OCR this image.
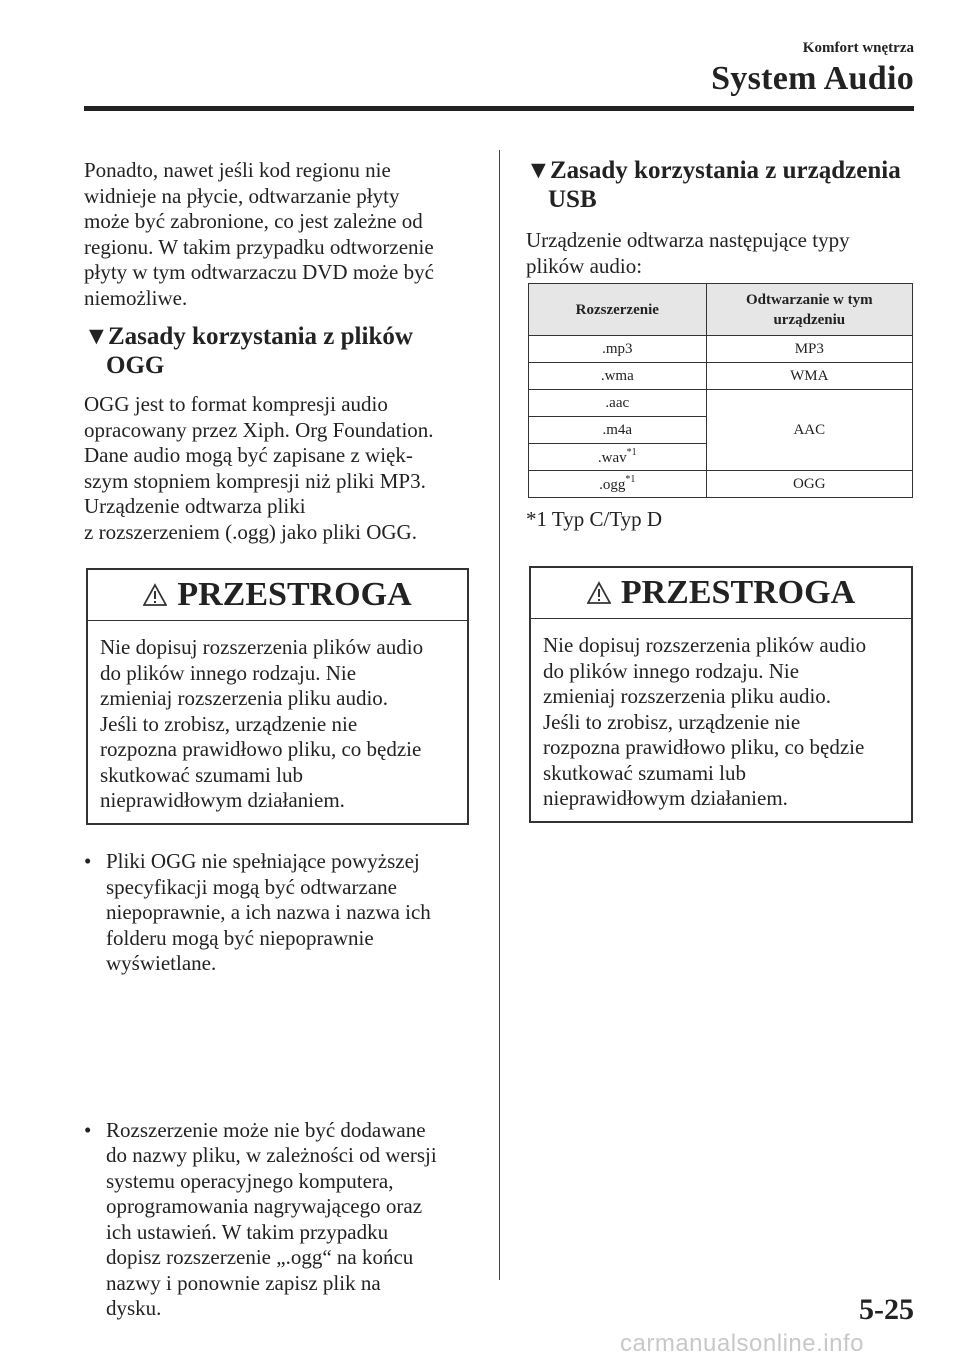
Komfort wnętrza
System Audio
Ponadto, nawet jeśli kod regionu nie
widnieje na płycie, odtwarzanie płyty
może być zabronione, co jest zależne od
regionu. W takim przypadku odtworzenie
płyty w tym odtwarzaczu DVD może być
niemożliwe.
▼Zasady korzystania z plików
OGG
OGG jest to format kompresji audio
opracowany przez Xiph. Org Foundation.
Dane audio mogą być zapisane z więk-
szym stopniem kompresji niż pliki MP3.
Urządzenie odtwarza pliki
z rozszerzeniem (.ogg) jako pliki OGG.
PRZESTROGA
Nie dopisuj rozszerzenia plików audio
do plików innego rodzaju. Nie
zmieniaj rozszerzenia pliku audio.
Jeśli to zrobisz, urządzenie nie
rozpozna prawidłowo pliku, co będzie
skutkować szumami lub
nieprawidłowym działaniem.
• Pliki OGG nie spełniające powyższej
specyfikacji mogą być odtwarzane
niepoprawnie, a ich nazwa i nazwa ich
folderu mogą być niepoprawnie
wyświetlane.
• Rozszerzenie może nie być dodawane
do nazwy pliku, w zależności od wersji
systemu operacyjnego komputera,
oprogramowania nagrywającego oraz
ich ustawień. W takim przypadku
dopisz rozszerzenie „.ogg“ na końcu
nazwy i ponownie zapisz plik na
dysku.
▼Zasady korzystania z urządzenia
USB
Urządzenie odtwarza następujące typy
plików audio:
Rozszerzenie	Odtwarzanie w tym
urządzeniu

.mp3	MP3
.wma	WMA
.aac	AAC
.m4a	
.wav$^{*1}$
.ogg$^{*1}$	OGG
*1 Typ C/Typ D
PRZESTROGA
Nie dopisuj rozszerzenia plików audio
do plików innego rodzaju. Nie
zmieniaj rozszerzenia pliku audio.
Jeśli to zrobisz, urządzenie nie
rozpozna prawidłowo pliku, co będzie
skutkować szumami lub
nieprawidłowym działaniem.
5-25
carmanualsonline.info
